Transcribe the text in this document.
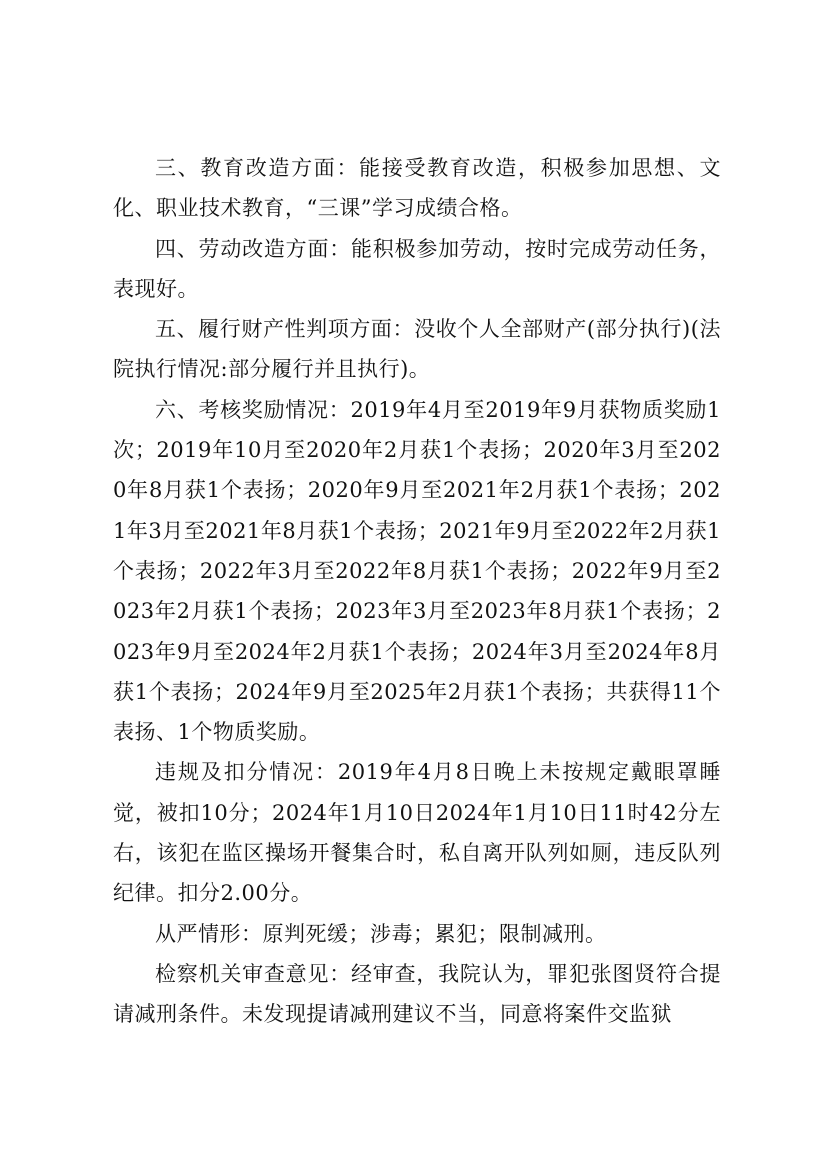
三、教育改造方面：能接受教育改造，积极参加思想、文化、职业技术教育，“三课”学习成绩合格。

四、劳动改造方面：能积极参加劳动，按时完成劳动任务，表现好。

五、履行财产性判项方面：没收个人全部财产(部分执行)(法院执行情况:部分履行并且执行)。

六、考核奖励情况：2019年4月至2019年9月获物质奖励1次；2019年10月至2020年2月获1个表扬；2020年3月至2020年8月获1个表扬；2020年9月至2021年2月获1个表扬；2021年3月至2021年8月获1个表扬；2021年9月至2022年2月获1个表扬；2022年3月至2022年8月获1个表扬；2022年9月至2023年2月获1个表扬；2023年3月至2023年8月获1个表扬；2023年9月至2024年2月获1个表扬；2024年3月至2024年8月获1个表扬；2024年9月至2025年2月获1个表扬；共获得11个表扬、1个物质奖励。

违规及扣分情况：2019年4月8日晚上未按规定戴眼罩睡觉，被扣10分；2024年1月10日2024年1月10日11时42分左右，该犯在监区操场开餐集合时，私自离开队列如厕，违反队列纪律。扣分2.00分。

从严情形：原判死缓；涉毒；累犯；限制减刑。

检察机关审查意见：经审查，我院认为，罪犯张图贤符合提请减刑条件。未发现提请减刑建议不当，同意将案件交监狱
